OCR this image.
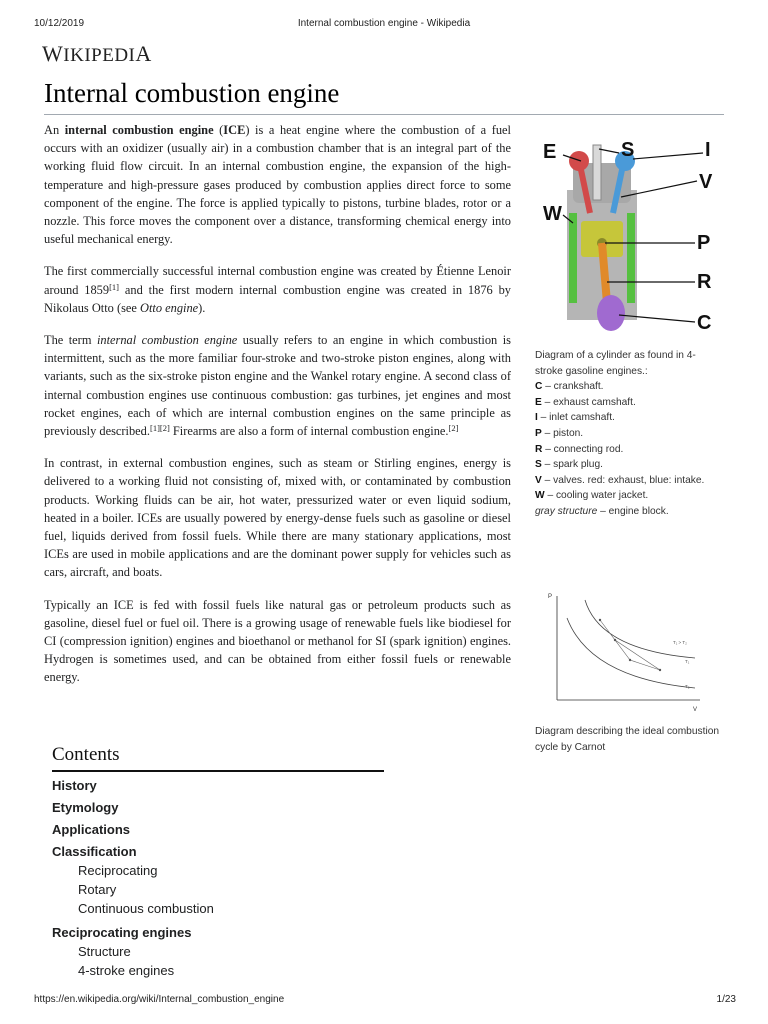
10/12/2019	Internal combustion engine - Wikipedia
WIKIPEDIA
Internal combustion engine

An internal combustion engine (ICE) is a heat engine where the combustion of a fuel occurs with an oxidizer (usually air) in a combustion chamber that is an integral part of the working fluid flow circuit. In an internal combustion engine, the expansion of the high-temperature and high-pressure gases produced by combustion applies direct force to some component of the engine. The force is applied typically to pistons, turbine blades, rotor or a nozzle. This force moves the component over a distance, transforming chemical energy into useful mechanical energy.

The first commercially successful internal combustion engine was created by Étienne Lenoir around 1859[1] and the first modern internal combustion engine was created in 1876 by Nikolaus Otto (see Otto engine).

The term internal combustion engine usually refers to an engine in which combustion is intermittent, such as the more familiar four-stroke and two-stroke piston engines, along with variants, such as the six-stroke piston engine and the Wankel rotary engine. A second class of internal combustion engines use continuous combustion: gas turbines, jet engines and most rocket engines, each of which are internal combustion engines on the same principle as previously described.[1][2] Firearms are also a form of internal combustion engine.[2]

In contrast, in external combustion engines, such as steam or Stirling engines, energy is delivered to a working fluid not consisting of, mixed with, or contaminated by combustion products. Working fluids can be air, hot water, pressurized water or even liquid sodium, heated in a boiler. ICEs are usually powered by energy-dense fuels such as gasoline or diesel fuel, liquids derived from fossil fuels. While there are many stationary applications, most ICEs are used in mobile applications and are the dominant power supply for vehicles such as cars, aircraft, and boats.

Typically an ICE is fed with fossil fuels like natural gas or petroleum products such as gasoline, diesel fuel or fuel oil. There is a growing usage of renewable fuels like biodiesel for CI (compression ignition) engines and bioethanol or methanol for SI (spark ignition) engines. Hydrogen is sometimes used, and can be obtained from either fossil fuels or renewable energy.

E	S	I
V
W
P
R
C
Diagram of a cylinder as found in 4-stroke gasoline engines.:
C – crankshaft.
E – exhaust camshaft.
I – inlet camshaft.
P – piston.
R – connecting rod.
S – spark plug.
V – valves. red: exhaust, blue: intake.
W – cooling water jacket.
gray structure – engine block.
P
V
T₁ > T₂
T₁
T₂
Diagram describing the ideal combustion cycle by Carnot
Contents
History
Etymology
Applications
Classification
Reciprocating
Rotary
Continuous combustion
Reciprocating engines
Structure
4-stroke engines
https://en.wikipedia.org/wiki/Internal_combustion_engine	1/23
